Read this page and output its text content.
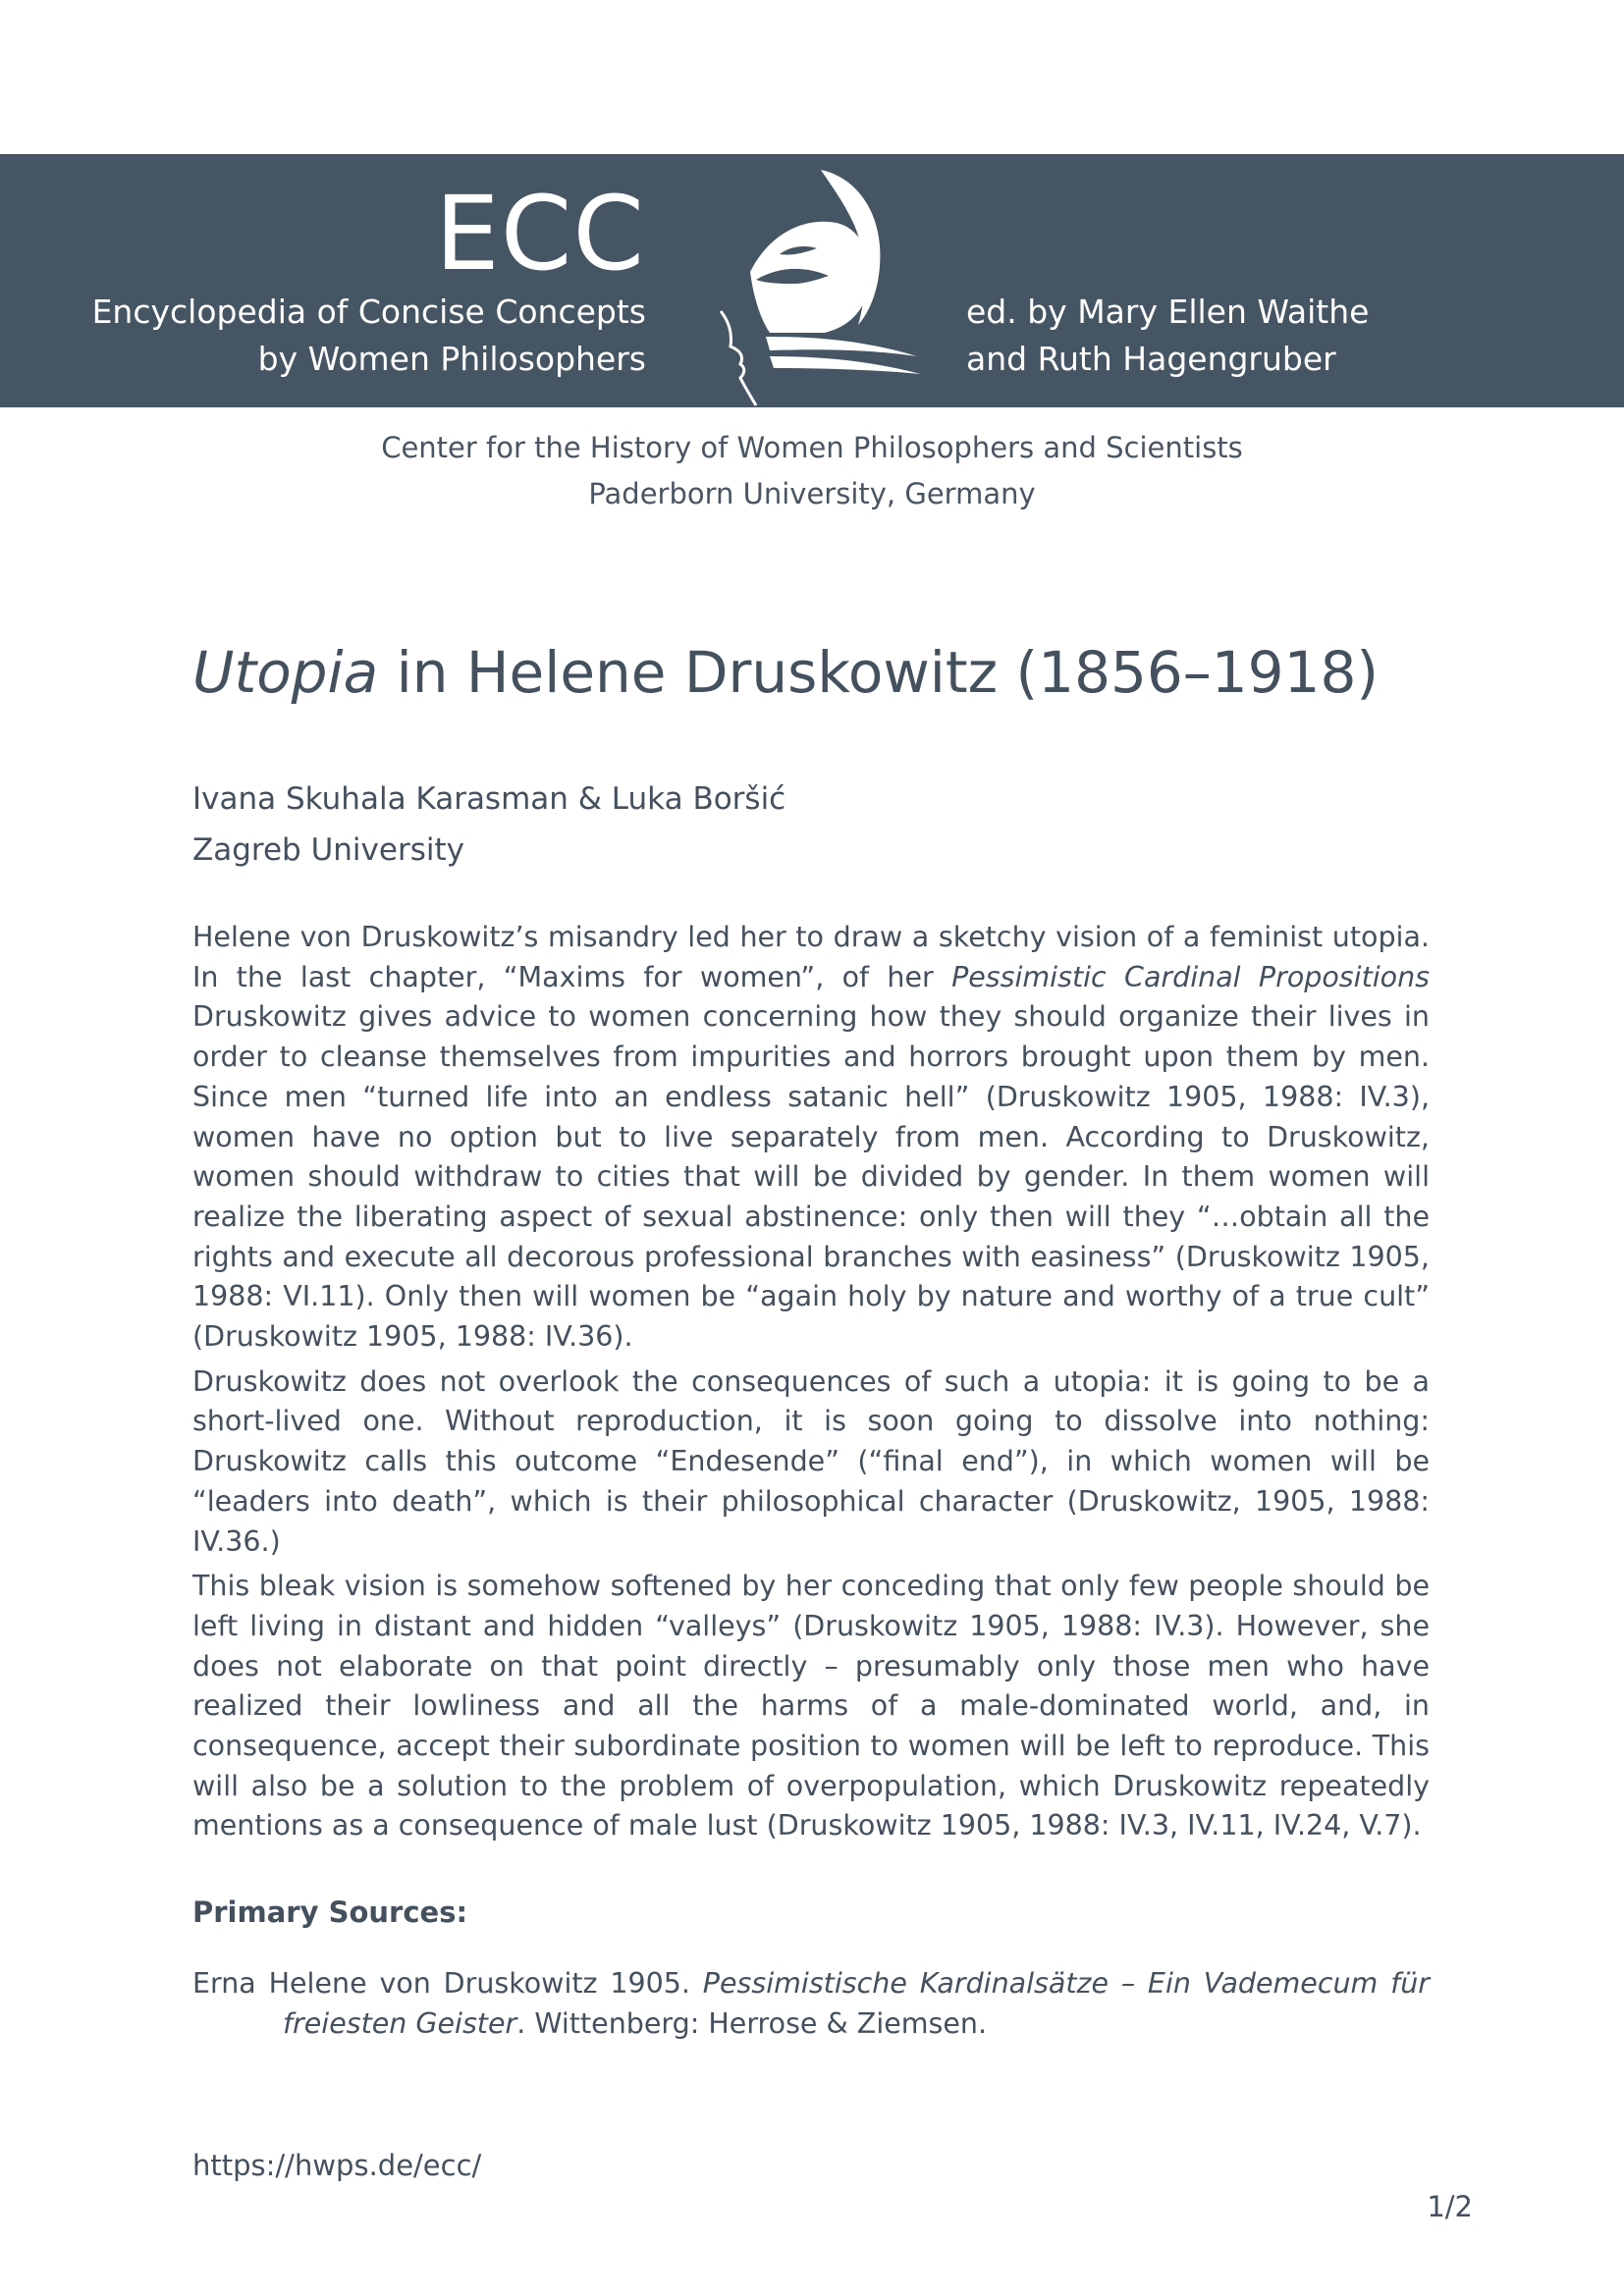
ECC
Encyclopedia of Concise Concepts
by Women Philosophers
ed. by Mary Ellen Waithe
and Ruth Hagengruber
Center for the History of Women Philosophers and Scientists
Paderborn University, Germany
Utopia in Helene Druskowitz (1856–1918)
Ivana Skuhala Karasman & Luka Boršić
Zagreb University

Helene von Druskowitz’s misandry led her to draw a sketchy vision of a feminist utopia. In the last chapter, “Maxims for women”, of her Pessimistic Cardinal Propositions Druskowitz gives advice to women concerning how they should organize their lives in order to cleanse themselves from impurities and horrors brought upon them by men. Since men “turned life into an endless satanic hell” (Druskowitz 1905, 1988: IV.3), women have no option but to live separately from men. According to Druskowitz, women should withdraw to cities that will be divided by gender. In them women will realize the liberating aspect of sexual abstinence: only then will they “…obtain all the rights and execute all decorous professional branches with easiness” (Druskowitz 1905, 1988: VI.11). Only then will women be “again holy by nature and worthy of a true cult” (Druskowitz 1905, 1988: IV.36).

Druskowitz does not overlook the consequences of such a utopia: it is going to be a short-lived one. Without reproduction, it is soon going to dissolve into nothing: Druskowitz calls this outcome “Endesende” (“final end”), in which women will be “leaders into death”, which is their philosophical character (Druskowitz, 1905, 1988: IV.36.)

This bleak vision is somehow softened by her conceding that only few people should be left living in distant and hidden “valleys” (Druskowitz 1905, 1988: IV.3). However, she does not elaborate on that point directly – presumably only those men who have realized their lowliness and all the harms of a male-dominated world, and, in consequence, accept their subordinate position to women will be left to reproduce. This will also be a solution to the problem of overpopulation, which Druskowitz repeatedly mentions as a consequence of male lust (Druskowitz 1905, 1988: IV.3, IV.11, IV.24, V.7).

Primary Sources:
Erna Helene von Druskowitz 1905. Pessimistische Kardinalsätze – Ein Vademecum für freiesten Geister. Wittenberg: Herrose & Ziemsen.
https://hwps.de/ecc/
1/2
